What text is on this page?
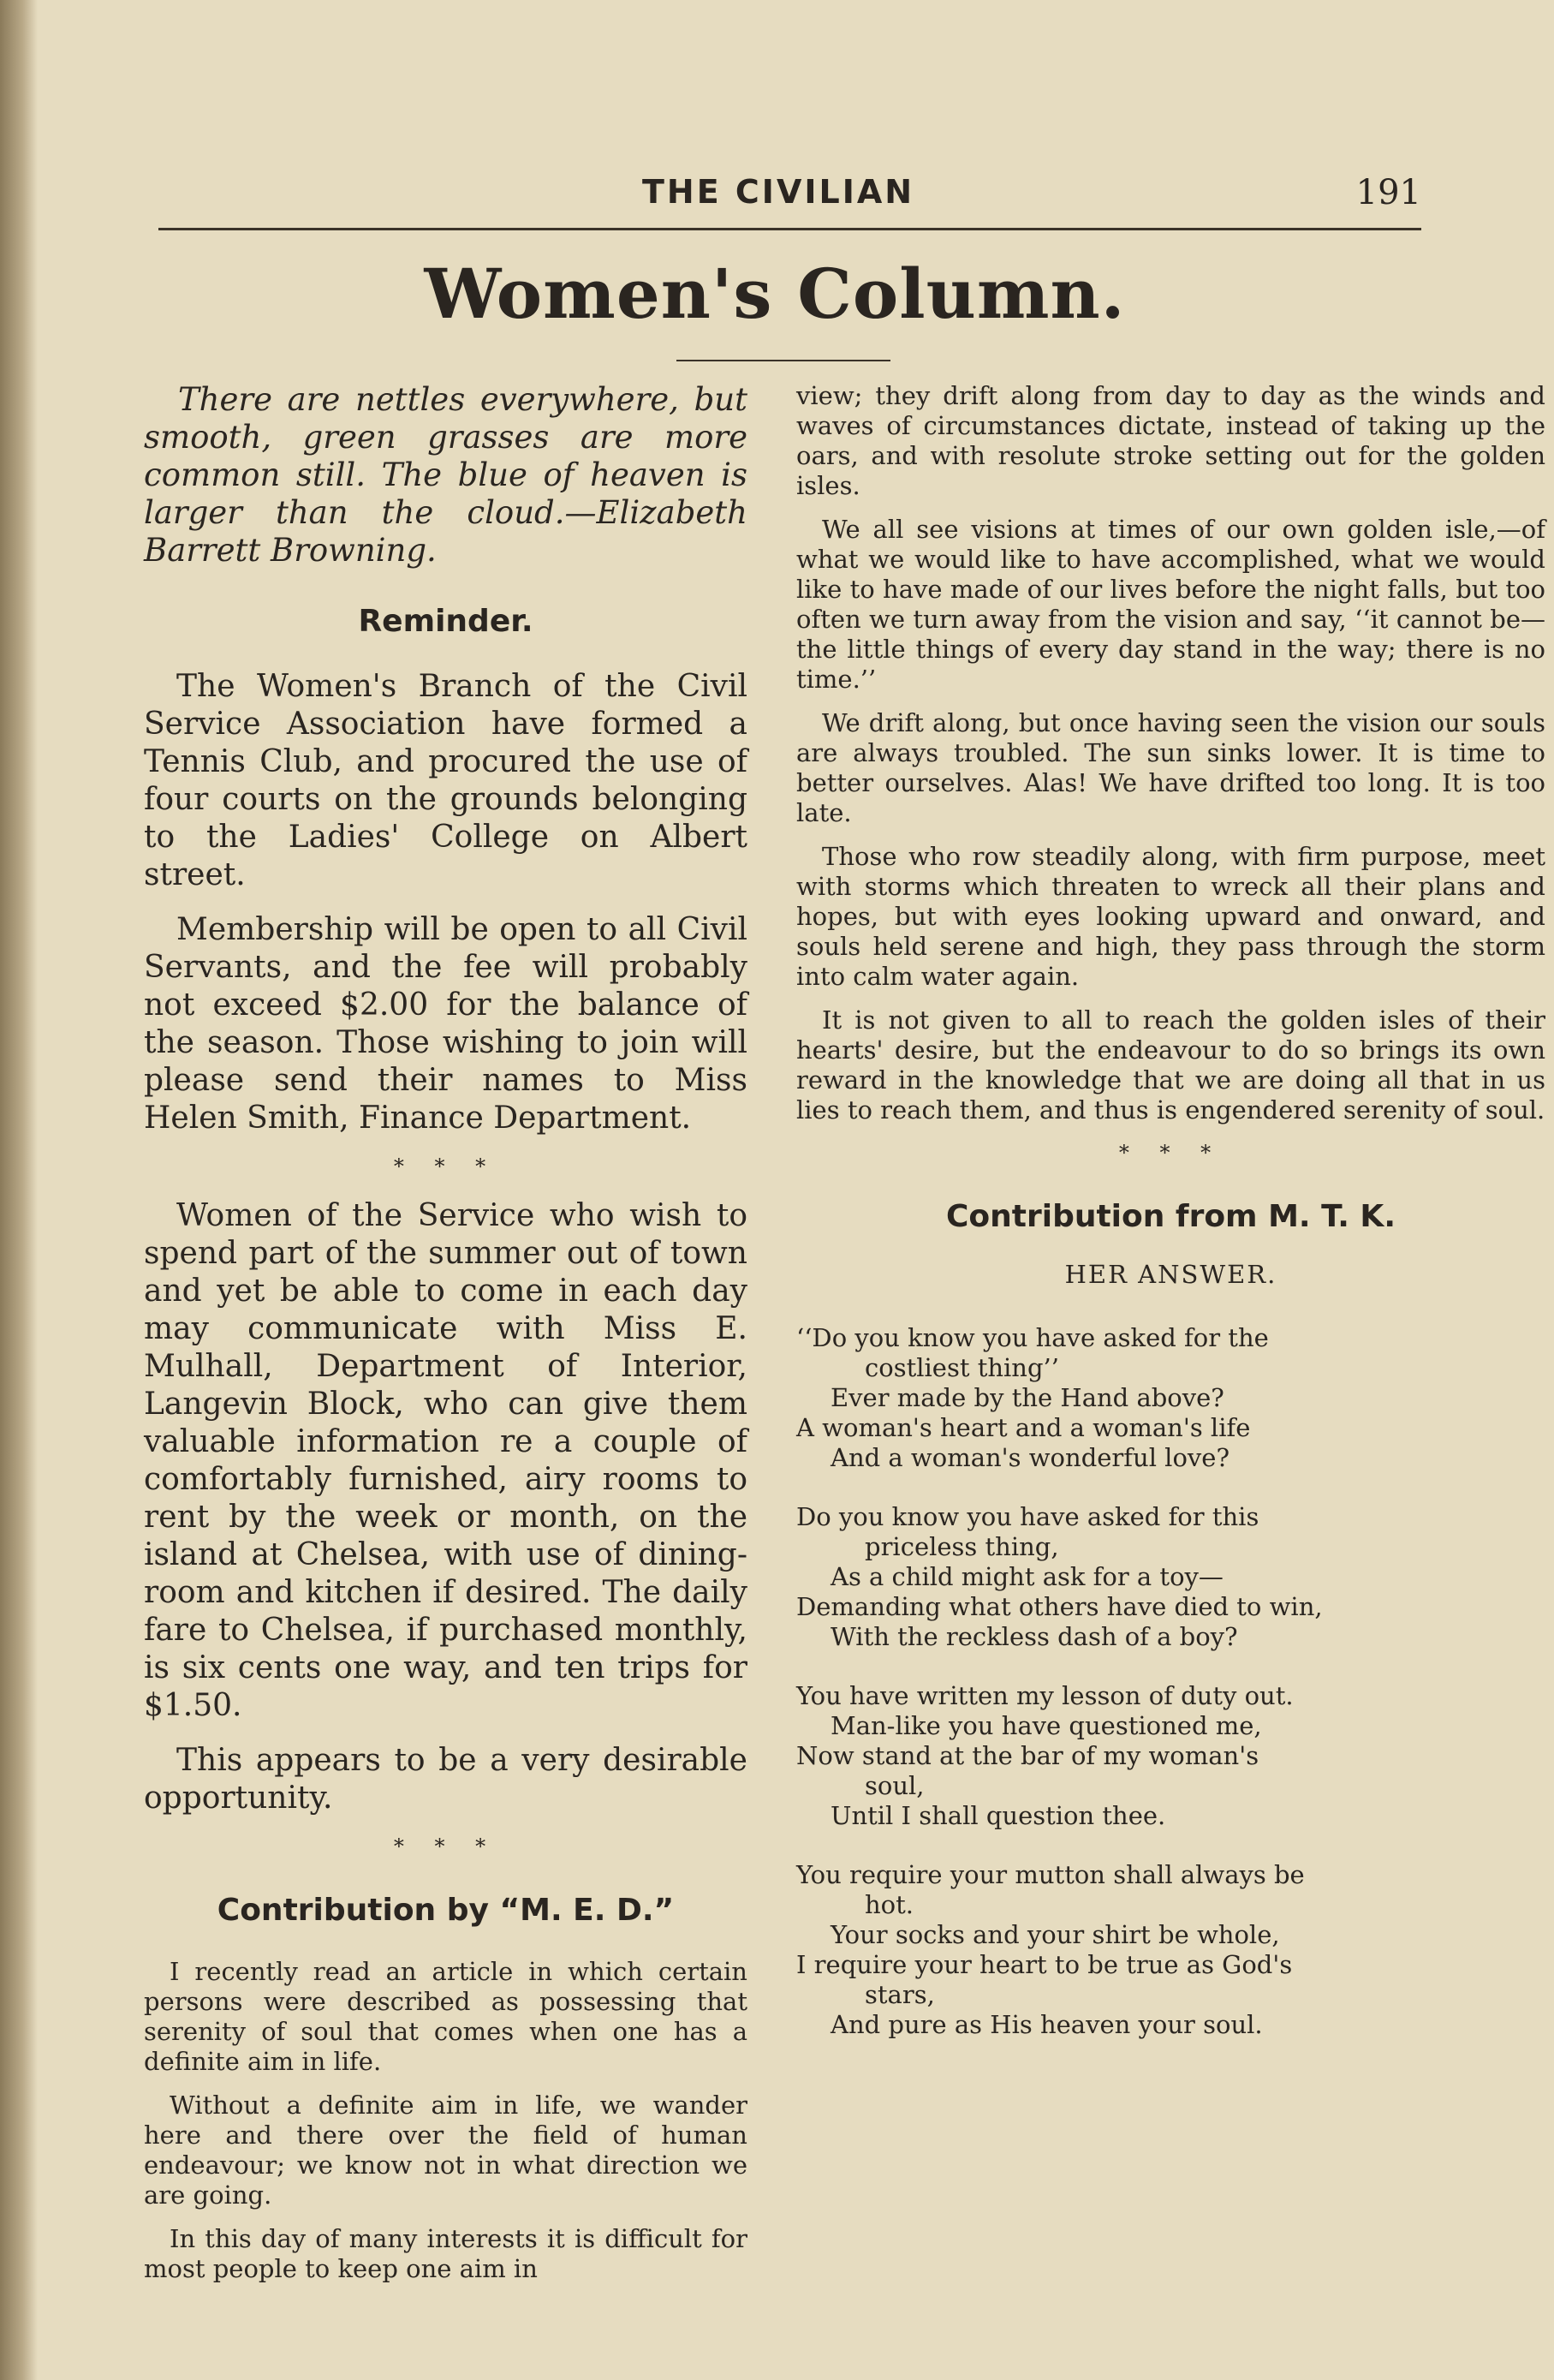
THE CIVILIAN	191
Women's Column.

There are nettles everywhere, but smooth, green grasses are more common still. The blue of heaven is larger than the cloud.—Elizabeth Barrett Browning.

Reminder.

The Women's Branch of the Civil Service Association have formed a Tennis Club, and procured the use of four courts on the grounds belonging to the Ladies' College on Albert street.

Membership will be open to all Civil Servants, and the fee will probably not exceed $2.00 for the balance of the season. Those wishing to join will please send their names to Miss Helen Smith, Finance Department.

* * *

Women of the Service who wish to spend part of the summer out of town and yet be able to come in each day may communicate with Miss E. Mulhall, Department of Interior, Langevin Block, who can give them valuable information re a couple of comfortably furnished, airy rooms to rent by the week or month, on the island at Chelsea, with use of dining-room and kitchen if desired. The daily fare to Chelsea, if purchased monthly, is six cents one way, and ten trips for $1.50.

This appears to be a very desirable opportunity.

* * *
Contribution by “M. E. D.”

I recently read an article in which certain persons were described as possessing that serenity of soul that comes when one has a definite aim in life.

Without a definite aim in life, we wander here and there over the field of human endeavour; we know not in what direction we are going.

In this day of many interests it is difficult for most people to keep one aim in

view; they drift along from day to day as the winds and waves of circumstances dictate, instead of taking up the oars, and with resolute stroke setting out for the golden isles.

We all see visions at times of our own golden isle,—of what we would like to have accomplished, what we would like to have made of our lives before the night falls, but too often we turn away from the vision and say, ‘‘it cannot be—the little things of every day stand in the way; there is no time.’’

We drift along, but once having seen the vision our souls are always troubled. The sun sinks lower. It is time to better ourselves. Alas! We have drifted too long. It is too late.

Those who row steadily along, with firm purpose, meet with storms which threaten to wreck all their plans and hopes, but with eyes looking upward and onward, and souls held serene and high, they pass through the storm into calm water again.

It is not given to all to reach the golden isles of their hearts' desire, but the endeavour to do so brings its own reward in the knowledge that we are doing all that in us lies to reach them, and thus is engendered serenity of soul.

* * *
Contribution from M. T. K.
HER ANSWER.
‘‘Do you know you have asked for the
costliest thing’’
Ever made by the Hand above?
A woman's heart and a woman's life
And a woman's wonderful love?
Do you know you have asked for this
priceless thing,
As a child might ask for a toy—
Demanding what others have died to win,
With the reckless dash of a boy?
You have written my lesson of duty out.
Man-like you have questioned me,
Now stand at the bar of my woman's
soul,
Until I shall question thee.
You require your mutton shall always be
hot.
Your socks and your shirt be whole,
I require your heart to be true as God's
stars,
And pure as His heaven your soul.
